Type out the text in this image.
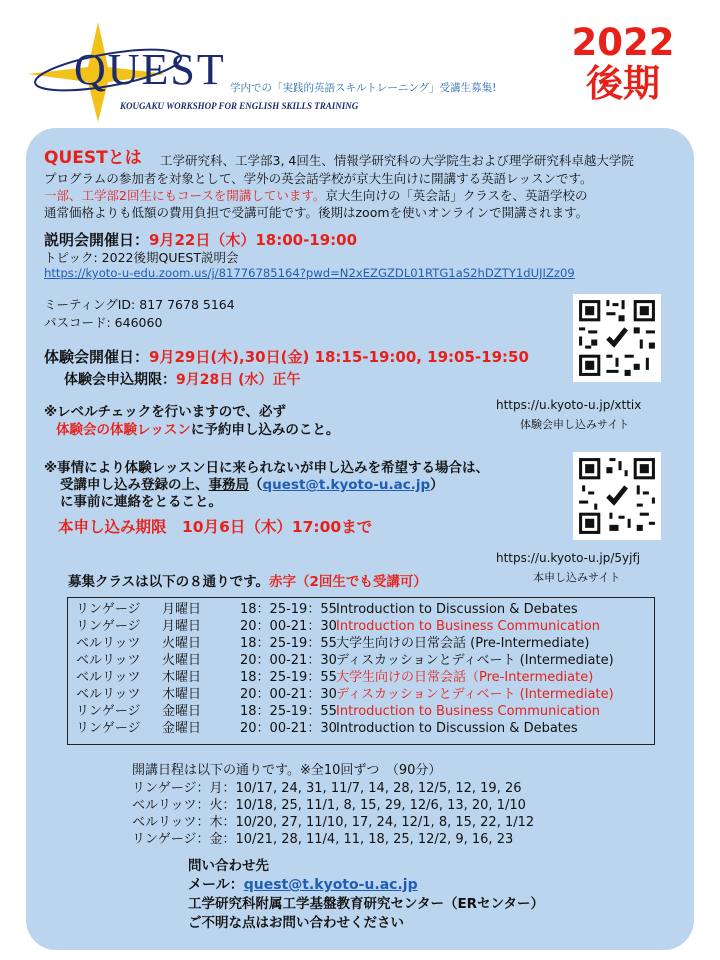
QUEST
KOUGAKU WORKSHOP FOR ENGLISH SKILLS TRAINING
学内での「実践的英語スキルトレーニング」受講生募集!
2022
後期
QUESTとは 工学研究科、工学部3, 4回生、情報学研究科の大学院生および理学研究科卓越大学院
プログラムの参加者を対象として、学外の英会話学校が京大生向けに開講する英語レッスンです。
一部、工学部2回生にもコースを開講しています。京大生向けの「英会話」クラスを、英語学校の
通常価格よりも低額の費用負担で受講可能です。後期はzoomを使いオンラインで開講されます。
説明会開催日：9月22日（木）18:00-19:00
トピック: 2022後期QUEST説明会
https://kyoto-u-edu.zoom.us/j/81776785164?pwd=N2xEZGZDL01RTG1aS2hDZTY1dUJIZz09
ミーティングID: 817 7678 5164
パスコード: 646060
体験会開催日：9月29日(木),30日(金) 18:15-19:00, 19:05-19:50
体験会申込期限：9月28日 (水）正午
※レベルチェックを行いますので、必ず
体験会の体験レッスンに予約申し込みのこと。
https://u.kyoto-u.jp/xttix
体験会申し込みサイト
※事情により体験レッスン日に来られないが申し込みを希望する場合は、
受講申し込み登録の上、事務局（quest@t.kyoto-u.ac.jp）
に事前に連絡をとること。
本申し込み期限　10月6日（木）17:00まで
https://u.kyoto-u.jp/5yjfj
本申し込みサイト
募集クラスは以下の８通りです。赤字（2回生でも受講可）
リンゲージ 月曜日	18：25-19：55 Introduction to Discussion & Debates
リンゲージ 月曜日	20：00-21：30 Introduction to Business Communication
ベルリッツ 火曜日	18：25-19：55 大学生向けの日常会話 (Pre-Intermediate)
ベルリッツ 火曜日	20：00-21：30 ディスカッションとディベート (Intermediate)
ベルリッツ 木曜日	18：25-19：55 大学生向けの日常会話（Pre-Intermediate)
ベルリッツ 木曜日	20：00-21：30 ディスカッションとディベート (Intermediate)
リンゲージ 金曜日	18：25-19：55 Introduction to Business Communication
リンゲージ 金曜日	20：00-21：30 Introduction to Discussion & Debates
開講日程は以下の通りです。※全10回ずつ　（90分）
リンゲージ：月：10/17, 24, 31, 11/7, 14, 28, 12/5, 12, 19, 26
ベルリッツ：火：10/18, 25, 11/1, 8, 15, 29, 12/6, 13, 20, 1/10
ベルリッツ：木：10/20, 27, 11/10, 17, 24, 12/1, 8, 15, 22, 1/12
リンゲージ：金：10/21, 28, 11/4, 11, 18, 25, 12/2, 9, 16, 23
問い合わせ先
メール：quest@t.kyoto-u.ac.jp
工学研究科附属工学基盤教育研究センター（ERセンター）
ご不明な点はお問い合わせください
